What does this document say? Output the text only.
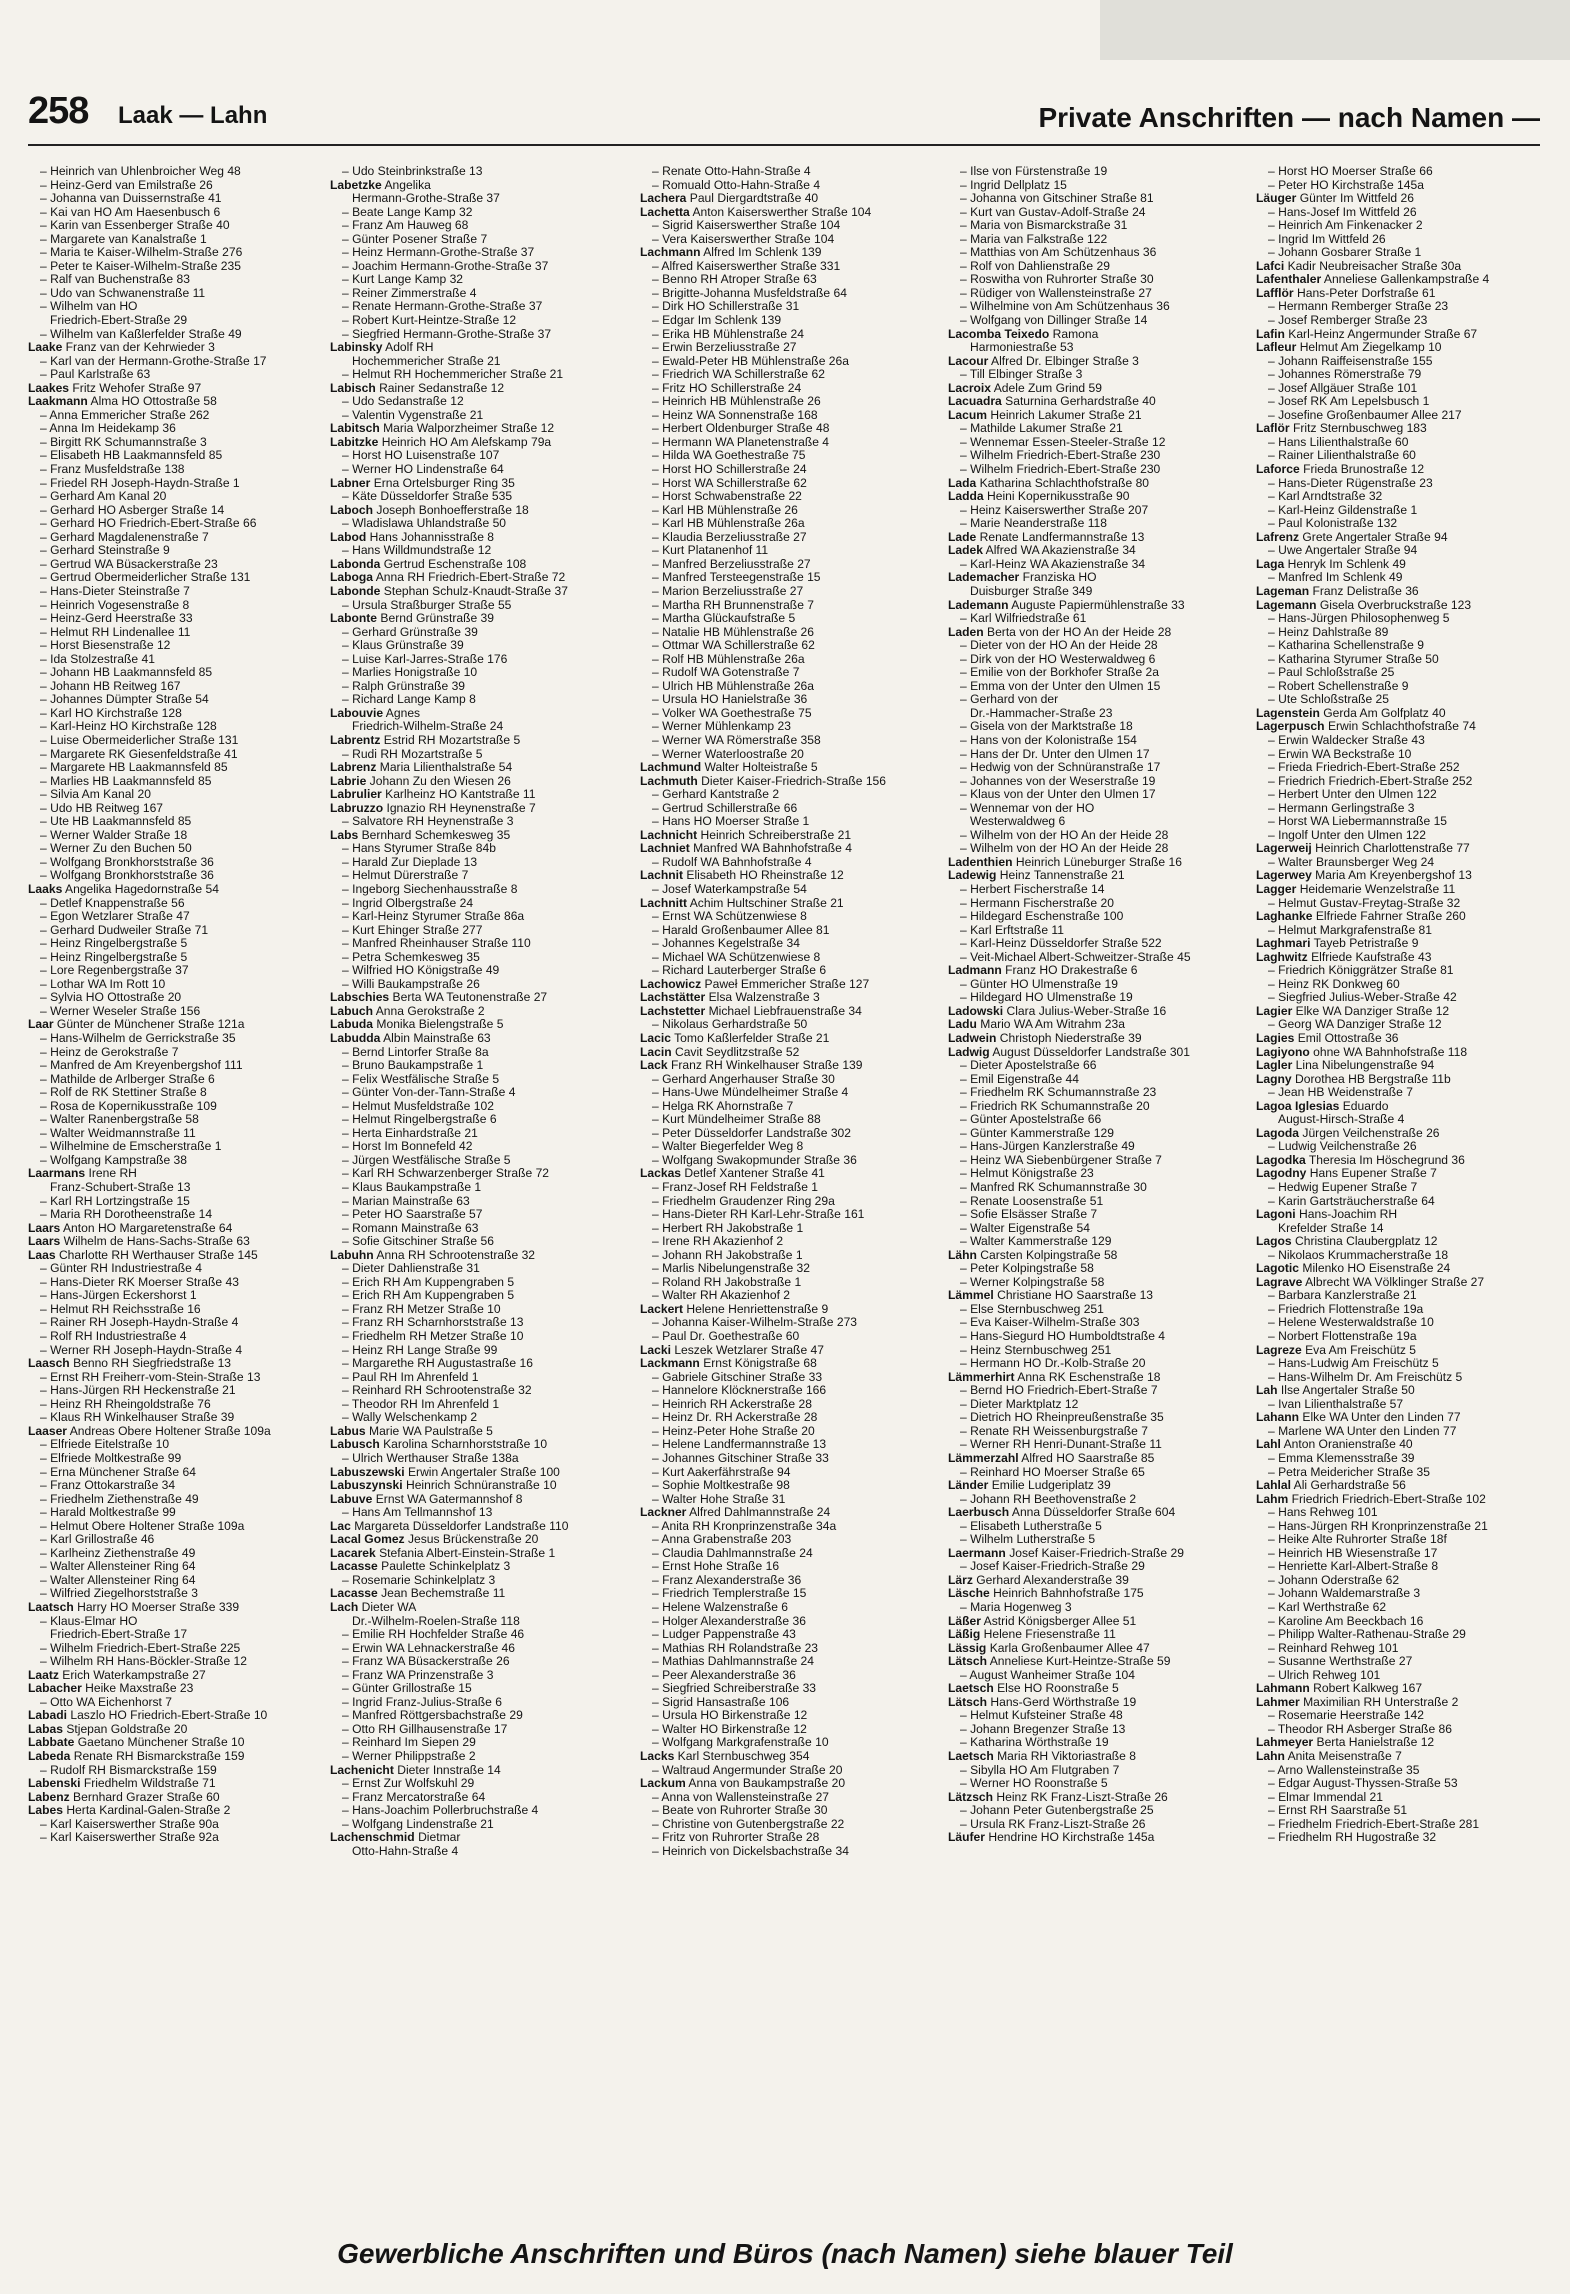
258 Laak — Lahn	Private Anschriften — nach Namen —
– Heinrich van Uhlenbroicher Weg 48
– Heinz-Gerd van Emilstraße 26
– Johanna van Duissernstraße 41
– Kai van HO Am Haesenbusch 6
– Karin van Essenberger Straße 40
– Margarete van Kanalstraße 1
– Maria te Kaiser-Wilhelm-Straße 276
– Peter te Kaiser-Wilhelm-Straße 235
– Ralf van Buchenstraße 83
– Udo van Schwanenstraße 11
– Wilhelm van HO
Friedrich-Ebert-Straße 29
– Wilhelm van Kaßlerfelder Straße 49
Laake Franz van der Kehrwieder 3
– Karl van der Hermann-Grothe-Straße 17
– Paul Karlstraße 63
Laakes Fritz Wehofer Straße 97
Laakmann Alma HO Ottostraße 58
– Anna Emmericher Straße 262
– Anna Im Heidekamp 36
– Birgitt RK Schumannstraße 3
– Elisabeth HB Laakmannsfeld 85
– Franz Musfeldstraße 138
– Friedel RH Joseph-Haydn-Straße 1
– Gerhard Am Kanal 20
– Gerhard HO Asberger Straße 14
– Gerhard HO Friedrich-Ebert-Straße 66
– Gerhard Magdalenenstraße 7
– Gerhard Steinstraße 9
– Gertrud WA Büsackerstraße 23
– Gertrud Obermeiderlicher Straße 131
– Hans-Dieter Steinstraße 7
– Heinrich Vogesenstraße 8
– Heinz-Gerd Heerstraße 33
– Helmut RH Lindenallee 11
– Horst Biesenstraße 12
– Ida Stolzestraße 41
– Johann HB Laakmannsfeld 85
– Johann HB Reitweg 167
– Johannes Dümpter Straße 54
– Karl HO Kirchstraße 128
– Karl-Heinz HO Kirchstraße 128
– Luise Obermeiderlicher Straße 131
– Margarete RK Giesenfeldstraße 41
– Margarete HB Laakmannsfeld 85
– Marlies HB Laakmannsfeld 85
– Silvia Am Kanal 20
– Udo HB Reitweg 167
– Ute HB Laakmannsfeld 85
– Werner Walder Straße 18
– Werner Zu den Buchen 50
– Wolfgang Bronkhorststraße 36
– Wolfgang Bronkhorststraße 36
Laaks Angelika Hagedornstraße 54
– Detlef Knappenstraße 56
– Egon Wetzlarer Straße 47
– Gerhard Dudweiler Straße 71
– Heinz Ringelbergstraße 5
– Heinz Ringelbergstraße 5
– Lore Regenbergstraße 37
– Lothar WA Im Rott 10
– Sylvia HO Ottostraße 20
– Werner Weseler Straße 156
Laar Günter de Münchener Straße 121a
– Hans-Wilhelm de Gerrickstraße 35
– Heinz de Gerokstraße 7
– Manfred de Am Kreyenbergshof 111
– Mathilde de Arlberger Straße 6
– Rolf de RK Stettiner Straße 8
– Rosa de Kopernikusstraße 109
– Walter Ranenbergstraße 58
– Walter Weidmannstraße 11
– Wilhelmine de Emscherstraße 1
– Wolfgang Kampstraße 38
Laarmans Irene RH
Franz-Schubert-Straße 13
– Karl RH Lortzingstraße 15
– Maria RH Dorotheenstraße 14
Laars Anton HO Margaretenstraße 64
Laars Wilhelm de Hans-Sachs-Straße 63
Laas Charlotte RH Werthauser Straße 145
– Günter RH Industriestraße 4
– Hans-Dieter RK Moerser Straße 43
– Hans-Jürgen Eckershorst 1
– Helmut RH Reichsstraße 16
– Rainer RH Joseph-Haydn-Straße 4
– Rolf RH Industriestraße 4
– Werner RH Joseph-Haydn-Straße 4
Laasch Benno RH Siegfriedstraße 13
– Ernst RH Freiherr-vom-Stein-Straße 13
– Hans-Jürgen RH Heckenstraße 21
– Heinz RH Rheingoldstraße 76
– Klaus RH Winkelhauser Straße 39
Laaser Andreas Obere Holtener Straße 109a
– Elfriede Eitelstraße 10
– Elfriede Moltkestraße 99
– Erna Münchener Straße 64
– Franz Ottokarstraße 34
– Friedhelm Ziethenstraße 49
– Harald Moltkestraße 99
– Helmut Obere Holtener Straße 109a
– Karl Grillostraße 46
– Karlheinz Ziethenstraße 49
– Walter Allensteiner Ring 64
– Walter Allensteiner Ring 64
– Wilfried Ziegelhorststraße 3
Laatsch Harry HO Moerser Straße 339
– Klaus-Elmar HO
Friedrich-Ebert-Straße 17
– Wilhelm Friedrich-Ebert-Straße 225
– Wilhelm RH Hans-Böckler-Straße 12
Laatz Erich Waterkampstraße 27
Labacher Heike Maxstraße 23
– Otto WA Eichenhorst 7
Labadi Laszlo HO Friedrich-Ebert-Straße 10
Labas Stjepan Goldstraße 20
Labbate Gaetano Münchener Straße 10
Labeda Renate RH Bismarckstraße 159
– Rudolf RH Bismarckstraße 159
Labenski Friedhelm Wildstraße 71
Labenz Bernhard Grazer Straße 60
Labes Herta Kardinal-Galen-Straße 2
– Karl Kaiserswerther Straße 90a
– Karl Kaiserswerther Straße 92a
– Udo Steinbrinkstraße 13
Labetzke Angelika
Hermann-Grothe-Straße 37
– Beate Lange Kamp 32
– Franz Am Hauweg 68
– Günter Posener Straße 7
– Heinz Hermann-Grothe-Straße 37
– Joachim Hermann-Grothe-Straße 37
– Kurt Lange Kamp 32
– Reiner Zimmerstraße 4
– Renate Hermann-Grothe-Straße 37
– Robert Kurt-Heintze-Straße 12
– Siegfried Hermann-Grothe-Straße 37
Labinsky Adolf RH
Hochemmericher Straße 21
– Helmut RH Hochemmericher Straße 21
Labisch Rainer Sedanstraße 12
– Udo Sedanstraße 12
– Valentin Vygenstraße 21
Labitsch Maria Walporzheimer Straße 12
Labitzke Heinrich HO Am Alefskamp 79a
– Horst HO Luisenstraße 107
– Werner HO Lindenstraße 64
Labner Erna Ortelsburger Ring 35
– Käte Düsseldorfer Straße 535
Laboch Joseph Bonhoefferstraße 18
– Wladislawa Uhlandstraße 50
Labod Hans Johannisstraße 8
– Hans Willdmundstraße 12
Labonda Gertrud Eschenstraße 108
Laboga Anna RH Friedrich-Ebert-Straße 72
Labonde Stephan Schulz-Knaudt-Straße 37
– Ursula Straßburger Straße 55
Labonte Bernd Grünstraße 39
– Gerhard Grünstraße 39
– Klaus Grünstraße 39
– Luise Karl-Jarres-Straße 176
– Marlies Honigstraße 10
– Ralph Grünstraße 39
– Richard Lange Kamp 8
Labouvie Agnes
Friedrich-Wilhelm-Straße 24
Labrentz Estrid RH Mozartstraße 5
– Rudi RH Mozartstraße 5
Labrenz Maria Lilienthalstraße 54
Labrie Johann Zu den Wiesen 26
Labrulier Karlheinz HO Kantstraße 11
Labruzzo Ignazio RH Heynenstraße 7
– Salvatore RH Heynenstraße 3
Labs Bernhard Schemkesweg 35
– Hans Styrumer Straße 84b
– Harald Zur Dieplade 13
– Helmut Dürerstraße 7
– Ingeborg Siechenhausstraße 8
– Ingrid Olbergstraße 24
– Karl-Heinz Styrumer Straße 86a
– Kurt Ehinger Straße 277
– Manfred Rheinhauser Straße 110
– Petra Schemkesweg 35
– Wilfried HO Königstraße 49
– Willi Baukampstraße 26
Labschies Berta WA Teutonenstraße 27
Labuch Anna Gerokstraße 2
Labuda Monika Bielengstraße 5
Labudda Albin Mainstraße 63
– Bernd Lintorfer Straße 8a
– Bruno Baukampstraße 1
– Felix Westfälische Straße 5
– Günter Von-der-Tann-Straße 4
– Helmut Musfeldstraße 102
– Helmut Ringelbergstraße 6
– Herta Einhardstraße 21
– Horst Im Bonnefeld 42
– Jürgen Westfälische Straße 5
– Karl RH Schwarzenberger Straße 72
– Klaus Baukampstraße 1
– Marian Mainstraße 63
– Peter HO Saarstraße 57
– Romann Mainstraße 63
– Sofie Gitschiner Straße 56
Labuhn Anna RH Schrootenstraße 32
– Dieter Dahlienstraße 31
– Erich RH Am Kuppengraben 5
– Erich RH Am Kuppengraben 5
– Franz RH Metzer Straße 10
– Franz RH Scharnhorststraße 13
– Friedhelm RH Metzer Straße 10
– Heinz RH Lange Straße 99
– Margarethe RH Augustastraße 16
– Paul RH Im Ahrenfeld 1
– Reinhard RH Schrootenstraße 32
– Theodor RH Im Ahrenfeld 1
– Wally Welschenkamp 2
Labus Marie WA Paulstraße 5
Labusch Karolina Scharnhorststraße 10
– Ulrich Werthauser Straße 138a
Labuszewski Erwin Angertaler Straße 100
Labuszynski Heinrich Schnüranstraße 10
Labuve Ernst WA Gatermannshof 8
– Hans Am Tellmannshof 13
Lac Margareta Düsseldorfer Landstraße 110
Lacal Gomez Jesus Brückenstraße 20
Lacarek Stefania Albert-Einstein-Straße 1
Lacasse Paulette Schinkelplatz 3
– Rosemarie Schinkelplatz 3
Lacasse Jean Bechemstraße 11
Lach Dieter WA
Dr.-Wilhelm-Roelen-Straße 118
– Emilie RH Hochfelder Straße 46
– Erwin WA Lehnackerstraße 46
– Franz WA Büsackerstraße 26
– Franz WA Prinzenstraße 3
– Günter Grillostraße 15
– Ingrid Franz-Julius-Straße 6
– Manfred Röttgersbachstraße 29
– Otto RH Gillhausenstraße 17
– Reinhard Im Siepen 29
– Werner Philippstraße 2
Lachenicht Dieter Innstraße 14
– Ernst Zur Wolfskuhl 29
– Franz Mercatorstraße 64
– Hans-Joachim Pollerbruchstraße 4
– Wolfgang Lindenstraße 21
Lachenschmid Dietmar
Otto-Hahn-Straße 4
– Renate Otto-Hahn-Straße 4
– Romuald Otto-Hahn-Straße 4
Lachera Paul Diergardtstraße 40
Lachetta Anton Kaiserswerther Straße 104
– Sigrid Kaiserswerther Straße 104
– Vera Kaiserswerther Straße 104
Lachmann Alfred Im Schlenk 139
– Alfred Kaiserswerther Straße 331
– Benno RH Atroper Straße 63
– Brigitte-Johanna Musfeldstraße 64
– Dirk HO Schillerstraße 31
– Edgar Im Schlenk 139
– Erika HB Mühlenstraße 24
– Erwin Berzeliusstraße 27
– Ewald-Peter HB Mühlenstraße 26a
– Friedrich WA Schillerstraße 62
– Fritz HO Schillerstraße 24
– Heinrich HB Mühlenstraße 26
– Heinz WA Sonnenstraße 168
– Herbert Oldenburger Straße 48
– Hermann WA Planetenstraße 4
– Hilda WA Goethestraße 75
– Horst HO Schillerstraße 24
– Horst WA Schillerstraße 62
– Horst Schwabenstraße 22
– Karl HB Mühlenstraße 26
– Karl HB Mühlenstraße 26a
– Klaudia Berzeliusstraße 27
– Kurt Platanenhof 11
– Manfred Berzeliusstraße 27
– Manfred Tersteegenstraße 15
– Marion Berzeliusstraße 27
– Martha RH Brunnenstraße 7
– Martha Glückaufstraße 5
– Natalie HB Mühlenstraße 26
– Ottmar WA Schillerstraße 62
– Rolf HB Mühlenstraße 26a
– Rudolf WA Gotenstraße 7
– Ulrich HB Mühlenstraße 26a
– Ursula HO Hanielstraße 36
– Volker WA Goethestraße 75
– Werner Mühlenkamp 23
– Werner WA Römerstraße 358
– Werner Waterloostraße 20
Lachmund Walter Holteistraße 5
Lachmuth Dieter Kaiser-Friedrich-Straße 156
– Gerhard Kantstraße 2
– Gertrud Schillerstraße 66
– Hans HO Moerser Straße 1
Lachnicht Heinrich Schreiberstraße 21
Lachniet Manfred WA Bahnhofstraße 4
– Rudolf WA Bahnhofstraße 4
Lachnit Elisabeth HO Rheinstraße 12
– Josef Waterkampstraße 54
Lachnitt Achim Hultschiner Straße 21
– Ernst WA Schützenwiese 8
– Harald Großenbaumer Allee 81
– Johannes Kegelstraße 34
– Michael WA Schützenwiese 8
– Richard Lauterberger Straße 6
Lachowicz Paweł Emmericher Straße 127
Lachstätter Elsa Walzenstraße 3
Lachstetter Michael Liebfrauenstraße 34
– Nikolaus Gerhardstraße 50
Lacic Tomo Kaßlerfelder Straße 21
Lacin Cavit Seydlitzstraße 52
Lack Franz RH Winkelhauser Straße 139
– Gerhard Angerhauser Straße 30
– Hans-Uwe Mündelheimer Straße 4
– Helga RK Ahornstraße 7
– Kurt Mündelheimer Straße 88
– Peter Düsseldorfer Landstraße 302
– Walter Biegerfelder Weg 8
– Wolfgang Swakopmunder Straße 36
Lackas Detlef Xantener Straße 41
– Franz-Josef RH Feldstraße 1
– Friedhelm Graudenzer Ring 29a
– Hans-Dieter RH Karl-Lehr-Straße 161
– Herbert RH Jakobstraße 1
– Irene RH Akazienhof 2
– Johann RH Jakobstraße 1
– Marlis Nibelungenstraße 32
– Roland RH Jakobstraße 1
– Walter RH Akazienhof 2
Lackert Helene Henriettenstraße 9
– Johanna Kaiser-Wilhelm-Straße 273
– Paul Dr. Goethestraße 60
Lacki Leszek Wetzlarer Straße 47
Lackmann Ernst Königstraße 68
– Gabriele Gitschiner Straße 33
– Hannelore Klöcknerstraße 166
– Heinrich RH Ackerstraße 28
– Heinz Dr. RH Ackerstraße 28
– Heinz-Peter Hohe Straße 20
– Helene Landfermannstraße 13
– Johannes Gitschiner Straße 33
– Kurt Aakerfährstraße 94
– Sophie Moltkestraße 98
– Walter Hohe Straße 31
Lackner Alfred Dahlmannstraße 24
– Anita RH Kronprinzenstraße 34a
– Anna Grabenstraße 203
– Claudia Dahlmannstraße 24
– Ernst Hohe Straße 16
– Franz Alexanderstraße 36
– Friedrich Templerstraße 15
– Helene Walzenstraße 6
– Holger Alexanderstraße 36
– Ludger Pappenstraße 43
– Mathias RH Rolandstraße 23
– Mathias Dahlmannstraße 24
– Peer Alexanderstraße 36
– Siegfried Schreiberstraße 33
– Sigrid Hansastraße 106
– Ursula HO Birkenstraße 12
– Walter HO Birkenstraße 12
– Wolfgang Markgrafenstraße 10
Lacks Karl Sternbuschweg 354
– Waltraud Angermunder Straße 20
Lackum Anna von Baukampstraße 20
– Anna von Wallensteinstraße 27
– Beate von Ruhrorter Straße 30
– Christine von Gutenbergstraße 22
– Fritz von Ruhrorter Straße 28
– Heinrich von Dickelsbachstraße 34
– Ilse von Fürstenstraße 19
– Ingrid Dellplatz 15
– Johanna von Gitschiner Straße 81
– Kurt van Gustav-Adolf-Straße 24
– Maria von Bismarckstraße 31
– Maria van Falkstraße 122
– Matthias von Am Schützenhaus 36
– Rolf von Dahlienstraße 29
– Roswitha von Ruhrorter Straße 30
– Rüdiger von Wallensteinstraße 27
– Wilhelmine von Am Schützenhaus 36
– Wolfgang von Dillinger Straße 14
Lacomba Teixedo Ramona
Harmoniestraße 53
Lacour Alfred Dr. Elbinger Straße 3
– Till Elbinger Straße 3
Lacroix Adele Zum Grind 59
Lacuadra Saturnina Gerhardstraße 40
Lacum Heinrich Lakumer Straße 21
– Mathilde Lakumer Straße 21
– Wennemar Essen-Steeler-Straße 12
– Wilhelm Friedrich-Ebert-Straße 230
– Wilhelm Friedrich-Ebert-Straße 230
Lada Katharina Schlachthofstraße 80
Ladda Heini Kopernikusstraße 90
– Heinz Kaiserswerther Straße 207
– Marie Neanderstraße 118
Lade Renate Landfermannstraße 13
Ladek Alfred WA Akazienstraße 34
– Karl-Heinz WA Akazienstraße 34
Lademacher Franziska HO
Duisburger Straße 349
Lademann Auguste Papiermühlenstraße 33
– Karl Wilfriedstraße 61
Laden Berta von der HO An der Heide 28
– Dieter von der HO An der Heide 28
– Dirk von der HO Westerwaldweg 6
– Emilie von der Borkhofer Straße 2a
– Emma von der Unter den Ulmen 15
– Gerhard von der
Dr.-Hammacher-Straße 23
– Gisela von der Marktstraße 18
– Hans von der Kolonistraße 154
– Hans der Dr. Unter den Ulmen 17
– Hedwig von der Schnüranstraße 17
– Johannes von der Weserstraße 19
– Klaus von der Unter den Ulmen 17
– Wennemar von der HO
Westerwaldweg 6
– Wilhelm von der HO An der Heide 28
– Wilhelm von der HO An der Heide 28
Ladenthien Heinrich Lüneburger Straße 16
Ladewig Heinz Tannenstraße 21
– Herbert Fischerstraße 14
– Hermann Fischerstraße 20
– Hildegard Eschenstraße 100
– Karl Erftstraße 11
– Karl-Heinz Düsseldorfer Straße 522
– Veit-Michael Albert-Schweitzer-Straße 45
Ladmann Franz HO Drakestraße 6
– Günter HO Ulmenstraße 19
– Hildegard HO Ulmenstraße 19
Ladowski Clara Julius-Weber-Straße 16
Ladu Mario WA Am Witrahm 23a
Ladwein Christoph Niederstraße 39
Ladwig August Düsseldorfer Landstraße 301
– Dieter Apostelstraße 66
– Emil Eigenstraße 44
– Friedhelm RK Schumannstraße 23
– Friedrich RK Schumannstraße 20
– Günter Apostelstraße 66
– Günter Kammerstraße 129
– Hans-Jürgen Kanzlerstraße 49
– Heinz WA Siebenbürgener Straße 7
– Helmut Königstraße 23
– Manfred RK Schumannstraße 30
– Renate Loosenstraße 51
– Sofie Elsässer Straße 7
– Walter Eigenstraße 54
– Walter Kammerstraße 129
Lähn Carsten Kolpingstraße 58
– Peter Kolpingstraße 58
– Werner Kolpingstraße 58
Lämmel Christiane HO Saarstraße 13
– Else Sternbuschweg 251
– Eva Kaiser-Wilhelm-Straße 303
– Hans-Siegurd HO Humboldtstraße 4
– Heinz Sternbuschweg 251
– Hermann HO Dr.-Kolb-Straße 20
Lämmerhirt Anna RK Eschenstraße 18
– Bernd HO Friedrich-Ebert-Straße 7
– Dieter Marktplatz 12
– Dietrich HO Rheinpreußenstraße 35
– Renate RH Weissenburgstraße 7
– Werner RH Henri-Dunant-Straße 11
Lämmerzahl Alfred HO Saarstraße 85
– Reinhard HO Moerser Straße 65
Länder Emilie Ludgeriplatz 39
– Johann RH Beethovenstraße 2
Laerbusch Anna Düsseldorfer Straße 604
– Elisabeth Lutherstraße 5
– Wilhelm Lutherstraße 5
Laermann Josef Kaiser-Friedrich-Straße 29
– Josef Kaiser-Friedrich-Straße 29
Lärz Gerhard Alexanderstraße 39
Läsche Heinrich Bahnhofstraße 175
– Maria Hogenweg 3
Läßer Astrid Königsberger Allee 51
Läßig Helene Friesenstraße 11
Lässig Karla Großenbaumer Allee 47
Lätsch Anneliese Kurt-Heintze-Straße 59
– August Wanheimer Straße 104
Laetsch Else HO Roonstraße 5
Lätsch Hans-Gerd Wörthstraße 19
– Helmut Kufsteiner Straße 48
– Johann Bregenzer Straße 13
– Katharina Wörthstraße 19
Laetsch Maria RH Viktoriastraße 8
– Sibylla HO Am Flutgraben 7
– Werner HO Roonstraße 5
Lätzsch Heinz RK Franz-Liszt-Straße 26
– Johann Peter Gutenbergstraße 25
– Ursula RK Franz-Liszt-Straße 26
Läufer Hendrine HO Kirchstraße 145a
– Horst HO Moerser Straße 66
– Peter HO Kirchstraße 145a
Läuger Günter Im Wittfeld 26
– Hans-Josef Im Wittfeld 26
– Heinrich Am Finkenacker 2
– Ingrid Im Wittfeld 26
– Johann Gosbarer Straße 1
Lafci Kadir Neubreisacher Straße 30a
Lafenthaler Anneliese Gallenkampstraße 4
Lafflör Hans-Peter Dorfstraße 61
– Hermann Remberger Straße 23
– Josef Remberger Straße 23
Lafin Karl-Heinz Angermunder Straße 67
Lafleur Helmut Am Ziegelkamp 10
– Johann Raiffeisenstraße 155
– Johannes Römerstraße 79
– Josef Allgäuer Straße 101
– Josef RK Am Lepelsbusch 1
– Josefine Großenbaumer Allee 217
Laflör Fritz Sternbuschweg 183
– Hans Lilienthalstraße 60
– Rainer Lilienthalstraße 60
Laforce Frieda Brunostraße 12
– Hans-Dieter Rügenstraße 23
– Karl Arndtstraße 32
– Karl-Heinz Gildenstraße 1
– Paul Kolonistraße 132
Lafrenz Grete Angertaler Straße 94
– Uwe Angertaler Straße 94
Laga Henryk Im Schlenk 49
– Manfred Im Schlenk 49
Lageman Franz Delistraße 36
Lagemann Gisela Overbruckstraße 123
– Hans-Jürgen Philosophenweg 5
– Heinz Dahlstraße 89
– Katharina Schellenstraße 9
– Katharina Styrumer Straße 50
– Paul Schloßstraße 25
– Robert Schellenstraße 9
– Ute Schloßstraße 25
Lagenstein Gerda Am Golfplatz 40
Lagerpusch Erwin Schlachthofstraße 74
– Erwin Waldecker Straße 43
– Erwin WA Beckstraße 10
– Frieda Friedrich-Ebert-Straße 252
– Friedrich Friedrich-Ebert-Straße 252
– Herbert Unter den Ulmen 122
– Hermann Gerlingstraße 3
– Horst WA Liebermannstraße 15
– Ingolf Unter den Ulmen 122
Lagerweij Heinrich Charlottenstraße 77
– Walter Braunsberger Weg 24
Lagerwey Maria Am Kreyenbergshof 13
Lagger Heidemarie Wenzelstraße 11
– Helmut Gustav-Freytag-Straße 32
Laghanke Elfriede Fahrner Straße 260
– Helmut Markgrafenstraße 81
Laghmari Tayeb Petristraße 9
Laghwitz Elfriede Kaufstraße 43
– Friedrich Königgrätzer Straße 81
– Heinz RK Donkweg 60
– Siegfried Julius-Weber-Straße 42
Lagier Elke WA Danziger Straße 12
– Georg WA Danziger Straße 12
Lagies Emil Ottostraße 36
Lagiyono ohne WA Bahnhofstraße 118
Lagler Lina Nibelungenstraße 94
Lagny Dorothea HB Bergstraße 11b
– Jean HB Weidenstraße 7
Lagoa Iglesias Eduardo
August-Hirsch-Straße 4
Lagoda Jürgen Veilchenstraße 26
– Ludwig Veilchenstraße 26
Lagodka Theresia Im Höschegrund 36
Lagodny Hans Eupener Straße 7
– Hedwig Eupener Straße 7
– Karin Gartsträucherstraße 64
Lagoni Hans-Joachim RH
Krefelder Straße 14
Lagos Christina Claubergplatz 12
– Nikolaos Krummacherstraße 18
Lagotic Milenko HO Eisenstraße 24
Lagrave Albrecht WA Völklinger Straße 27
– Barbara Kanzlerstraße 21
– Friedrich Flottenstraße 19a
– Helene Westerwaldstraße 10
– Norbert Flottenstraße 19a
Lagreze Eva Am Freischütz 5
– Hans-Ludwig Am Freischütz 5
– Hans-Wilhelm Dr. Am Freischütz 5
Lah Ilse Angertaler Straße 50
– Ivan Lilienthalstraße 57
Lahann Elke WA Unter den Linden 77
– Marlene WA Unter den Linden 77
Lahl Anton Oranienstraße 40
– Emma Klemensstraße 39
– Petra Meidericher Straße 35
Lahlal Ali Gerhardstraße 56
Lahm Friedrich Friedrich-Ebert-Straße 102
– Hans Rehweg 101
– Hans-Jürgen RH Kronprinzenstraße 21
– Heike Alte Ruhrorter Straße 18f
– Heinrich HB Wiesenstraße 17
– Henriette Karl-Albert-Straße 8
– Johann Oderstraße 62
– Johann Waldemarstraße 3
– Karl Werthstraße 62
– Karoline Am Beeckbach 16
– Philipp Walter-Rathenau-Straße 29
– Reinhard Rehweg 101
– Susanne Werthstraße 27
– Ulrich Rehweg 101
Lahmann Robert Kalkweg 167
Lahmer Maximilian RH Unterstraße 2
– Rosemarie Heerstraße 142
– Theodor RH Asberger Straße 86
Lahmeyer Berta Hanielstraße 12
Lahn Anita Meisenstraße 7
– Arno Wallensteinstraße 35
– Edgar August-Thyssen-Straße 53
– Elmar Immendal 21
– Ernst RH Saarstraße 51
– Friedhelm Friedrich-Ebert-Straße 281
– Friedhelm RH Hugostraße 32
Gewerbliche Anschriften und Büros (nach Namen) siehe blauer Teil
